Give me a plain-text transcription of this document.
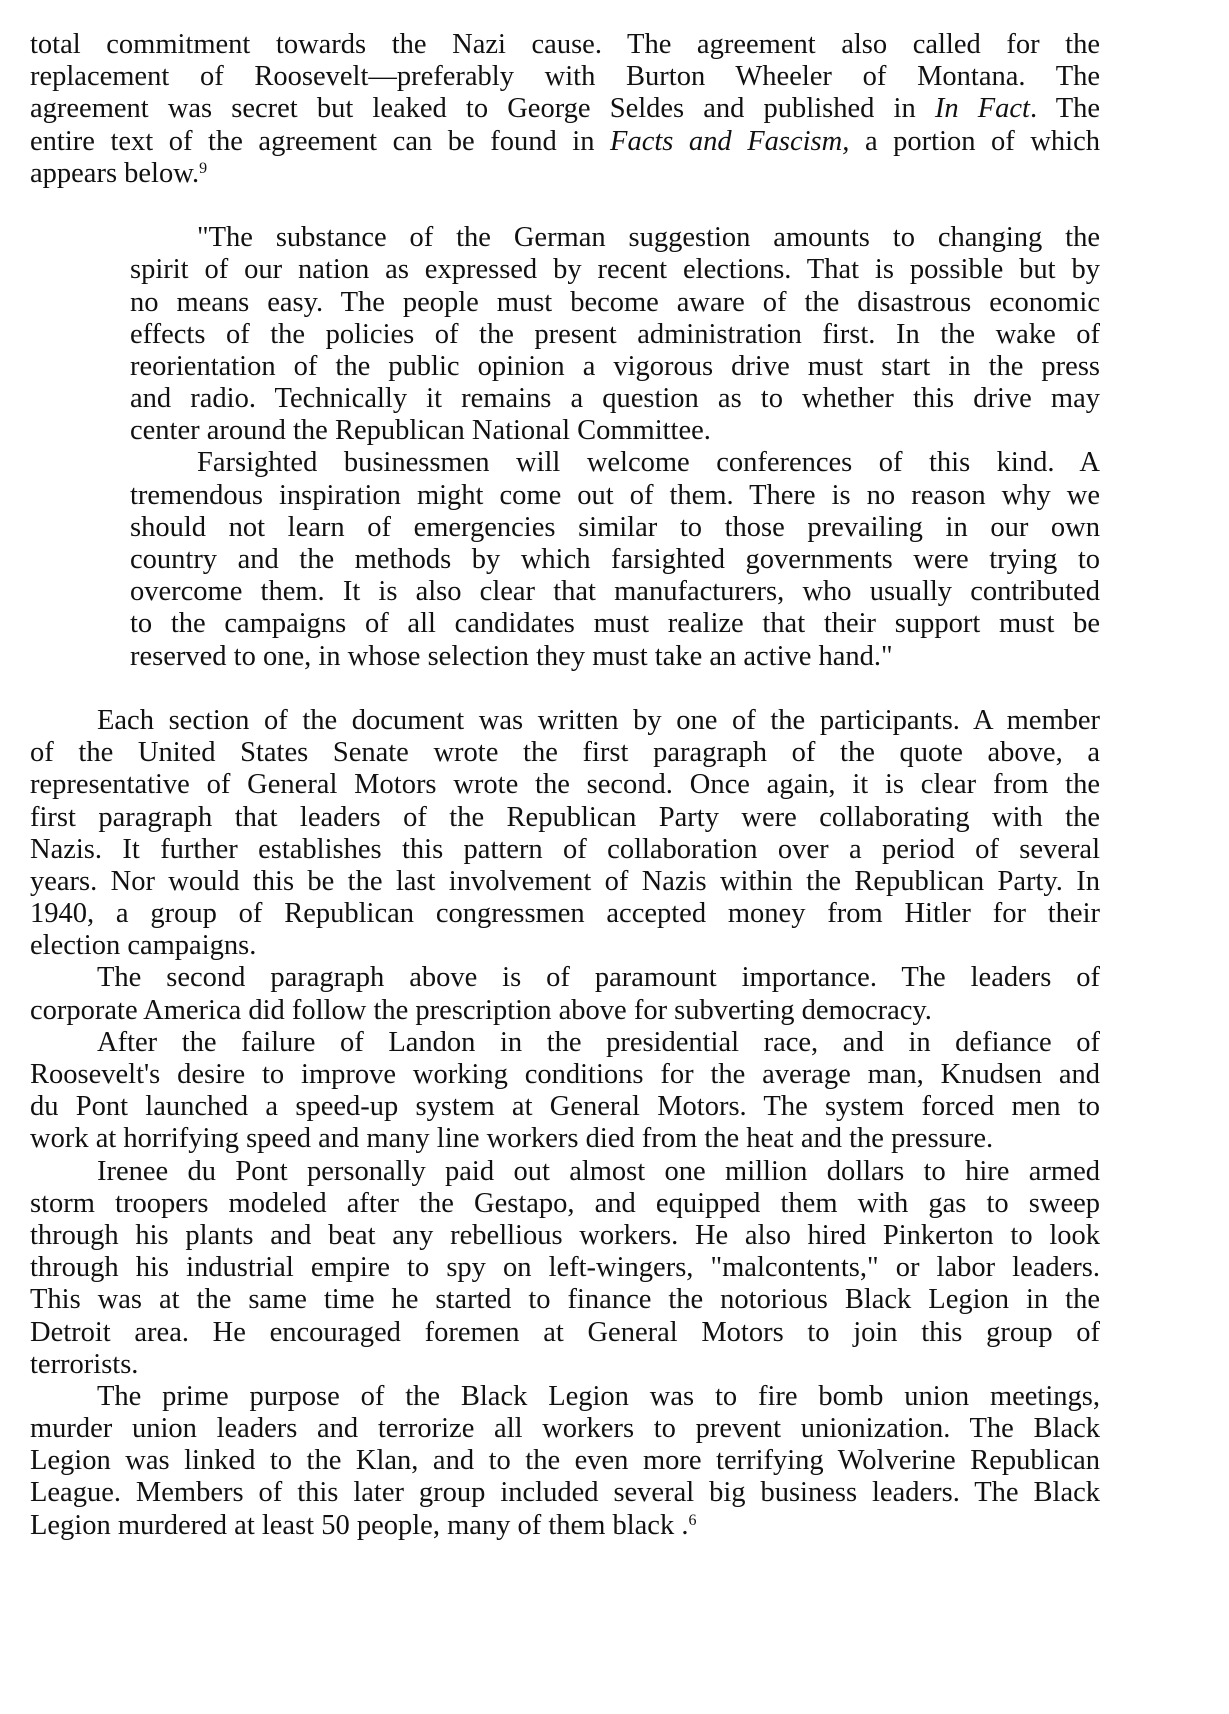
total commitment towards the Nazi cause. The agreement also called for the
replacement of Roosevelt—preferably with Burton Wheeler of Montana. The
agreement was secret but leaked to George Seldes and published in In Fact. The
entire text of the agreement can be found in Facts and Fascism, a portion of which
appears below.$^9$
"The substance of the German suggestion amounts to changing the
spirit of our nation as expressed by recent elections. That is possible but by
no means easy. The people must become aware of the disastrous economic
effects of the policies of the present administration first. In the wake of
reorientation of the public opinion a vigorous drive must start in the press
and radio. Technically it remains a question as to whether this drive may
center around the Republican National Committee.
Farsighted businessmen will welcome conferences of this kind. A
tremendous inspiration might come out of them. There is no reason why we
should not learn of emergencies similar to those prevailing in our own
country and the methods by which farsighted governments were trying to
overcome them. It is also clear that manufacturers, who usually contributed
to the campaigns of all candidates must realize that their support must be
reserved to one, in whose selection they must take an active hand."
Each section of the document was written by one of the participants. A member
of the United States Senate wrote the first paragraph of the quote above, a
representative of General Motors wrote the second. Once again, it is clear from the
first paragraph that leaders of the Republican Party were collaborating with the
Nazis. It further establishes this pattern of collaboration over a period of several
years. Nor would this be the last involvement of Nazis within the Republican Party. In
1940, a group of Republican congressmen accepted money from Hitler for their
election campaigns.
The second paragraph above is of paramount importance. The leaders of
corporate America did follow the prescription above for subverting democracy.
After the failure of Landon in the presidential race, and in defiance of
Roosevelt's desire to improve working conditions for the average man, Knudsen and
du Pont launched a speed-up system at General Motors. The system forced men to
work at horrifying speed and many line workers died from the heat and the pressure.
Irenee du Pont personally paid out almost one million dollars to hire armed
storm troopers modeled after the Gestapo, and equipped them with gas to sweep
through his plants and beat any rebellious workers. He also hired Pinkerton to look
through his industrial empire to spy on left-wingers, "malcontents," or labor leaders.
This was at the same time he started to finance the notorious Black Legion in the
Detroit area. He encouraged foremen at General Motors to join this group of
terrorists.
The prime purpose of the Black Legion was to fire bomb union meetings,
murder union leaders and terrorize all workers to prevent unionization. The Black
Legion was linked to the Klan, and to the even more terrifying Wolverine Republican
League. Members of this later group included several big business leaders. The Black
Legion murdered at least 50 people, many of them black .$^6$
